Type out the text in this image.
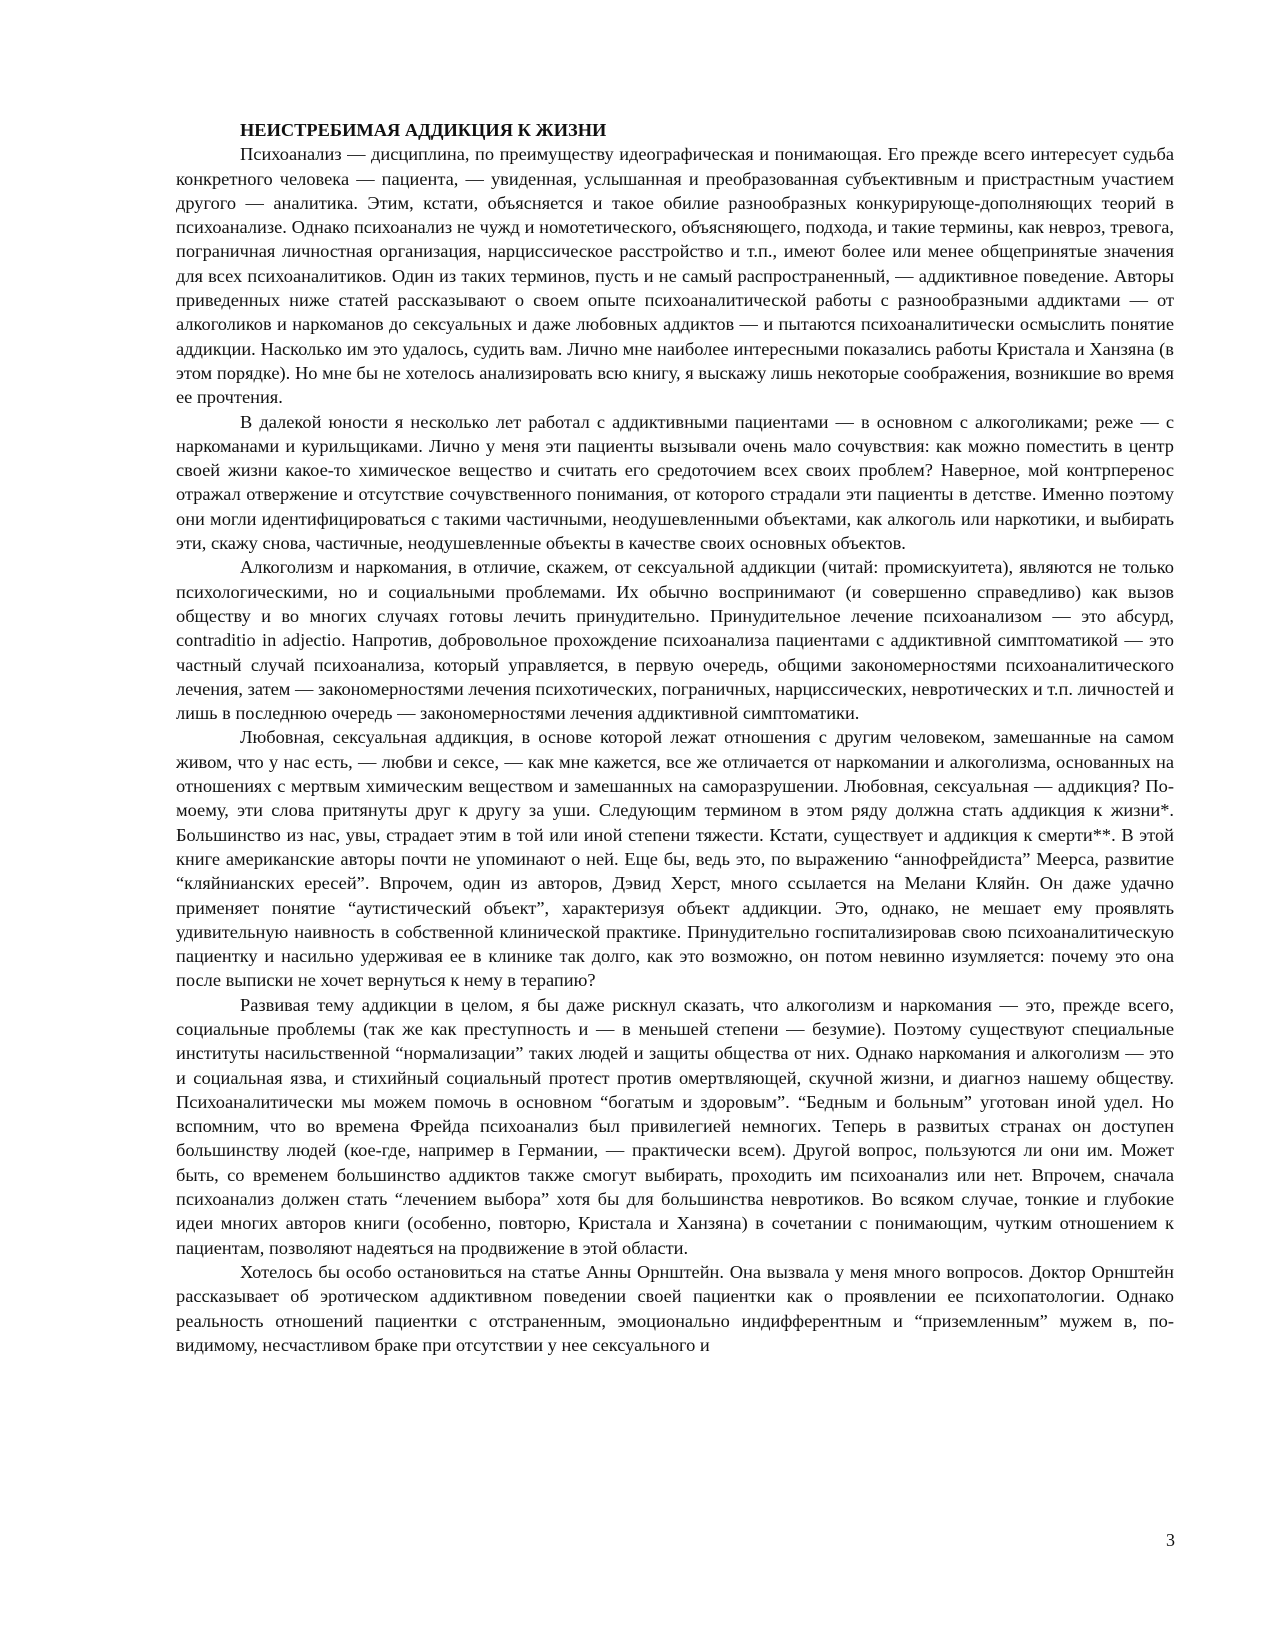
НЕИСТРЕБИМАЯ АДДИКЦИЯ К ЖИЗНИ

Психоанализ — дисциплина, по преимуществу идеографическая и понимающая. Его прежде всего интересует судьба конкретного человека — пациента, — увиденная, услышанная и преобразованная субъективным и пристрастным участием другого — аналитика. Этим, кстати, объясняется и такое обилие разнообразных конкурирующе-дополняющих теорий в психоанализе. Однако психоанализ не чужд и номотетического, объясняющего, подхода, и такие термины, как невроз, тревога, пограничная личностная организация, нарциссическое расстройство и т.п., имеют более или менее общепринятые значения для всех психоаналитиков. Один из таких терминов, пусть и не самый распространенный, — аддиктивное поведение. Авторы приведенных ниже статей рассказывают о своем опыте психоаналитической работы с разнообразными аддиктами — от алкоголиков и наркоманов до сексуальных и даже любовных аддиктов — и пытаются психоаналитически осмыслить понятие аддикции. Насколько им это удалось, судить вам. Лично мне наиболее интересными показались работы Кристала и Ханзяна (в этом порядке). Но мне бы не хотелось анализировать всю книгу, я выскажу лишь некоторые соображения, возникшие во время ее прочтения.

В далекой юности я несколько лет работал с аддиктивными пациентами — в основном с алкоголиками; реже — с наркоманами и курильщиками. Лично у меня эти пациенты вызывали очень мало сочувствия: как можно поместить в центр своей жизни какое-то химическое вещество и считать его средоточием всех своих проблем? Наверное, мой контрперенос отражал отвержение и отсутствие сочувственного понимания, от которого страдали эти пациенты в детстве. Именно поэтому они могли идентифицироваться с такими частичными, неодушевленными объектами, как алкоголь или наркотики, и выбирать эти, скажу снова, частичные, неодушевленные объекты в качестве своих основных объектов.

Алкоголизм и наркомания, в отличие, скажем, от сексуальной аддикции (читай: промискуитета), являются не только психологическими, но и социальными проблемами. Их обычно воспринимают (и совершенно справедливо) как вызов обществу и во многих случаях готовы лечить принудительно. Принудительное лечение психоанализом — это абсурд, contraditio in adjectio. Напротив, добровольное прохождение психоанализа пациентами с аддиктивной симптоматикой — это частный случай психоанализа, который управляется, в первую очередь, общими закономерностями психоаналитического лечения, затем — закономерностями лечения психотических, пограничных, нарциссических, невротических и т.п. личностей и лишь в последнюю очередь — закономерностями лечения аддиктивной симптоматики.

Любовная, сексуальная аддикция, в основе которой лежат отношения с другим человеком, замешанные на самом живом, что у нас есть, — любви и сексе, — как мне кажется, все же отличается от наркомании и алкоголизма, основанных на отношениях с мертвым химическим веществом и замешанных на саморазрушении. Любовная, сексуальная — аддикция? По-моему, эти слова притянуты друг к другу за уши. Следующим термином в этом ряду должна стать аддикция к жизни*. Большинство из нас, увы, страдает этим в той или иной степени тяжести. Кстати, существует и аддикция к смерти**. В этой книге американские авторы почти не упоминают о ней. Еще бы, ведь это, по выражению “аннофрейдиста” Меерса, развитие “кляйнианских ересей”. Впрочем, один из авторов, Дэвид Херст, много ссылается на Мелани Кляйн. Он даже удачно применяет понятие “аутистический объект”, характеризуя объект аддикции. Это, однако, не мешает ему проявлять удивительную наивность в собственной клинической практике. Принудительно госпитализировав свою психоаналитическую пациентку и насильно удерживая ее в клинике так долго, как это возможно, он потом невинно изумляется: почему это она после выписки не хочет вернуться к нему в терапию?

Развивая тему аддикции в целом, я бы даже рискнул сказать, что алкоголизм и наркомания — это, прежде всего, социальные проблемы (так же как преступность и — в меньшей степени — безумие). Поэтому существуют специальные институты насильственной “нормализации” таких людей и защиты общества от них. Однако наркомания и алкоголизм — это и социальная язва, и стихийный социальный протест против омертвляющей, скучной жизни, и диагноз нашему обществу. Психоаналитически мы можем помочь в основном “богатым и здоровым”. “Бедным и больным” уготован иной удел. Но вспомним, что во времена Фрейда психоанализ был привилегией немногих. Теперь в развитых странах он доступен большинству людей (кое-где, например в Германии, — практически всем). Другой вопрос, пользуются ли они им. Может быть, со временем большинство аддиктов также смогут выбирать, проходить им психоанализ или нет. Впрочем, сначала психоанализ должен стать “лечением выбора” хотя бы для большинства невротиков. Во всяком случае, тонкие и глубокие идеи многих авторов книги (особенно, повторю, Кристала и Ханзяна) в сочетании с понимающим, чутким отношением к пациентам, позволяют надеяться на продвижение в этой области.

Хотелось бы особо остановиться на статье Анны Орнштейн. Она вызвала у меня много вопросов. Доктор Орнштейн рассказывает об эротическом аддиктивном поведении своей пациентки как о проявлении ее психопатологии. Однако реальность отношений пациентки с отстраненным, эмоционально индифферентным и “приземленным” мужем в, по-видимому, несчастливом браке при отсутствии у нее сексуального и

3
